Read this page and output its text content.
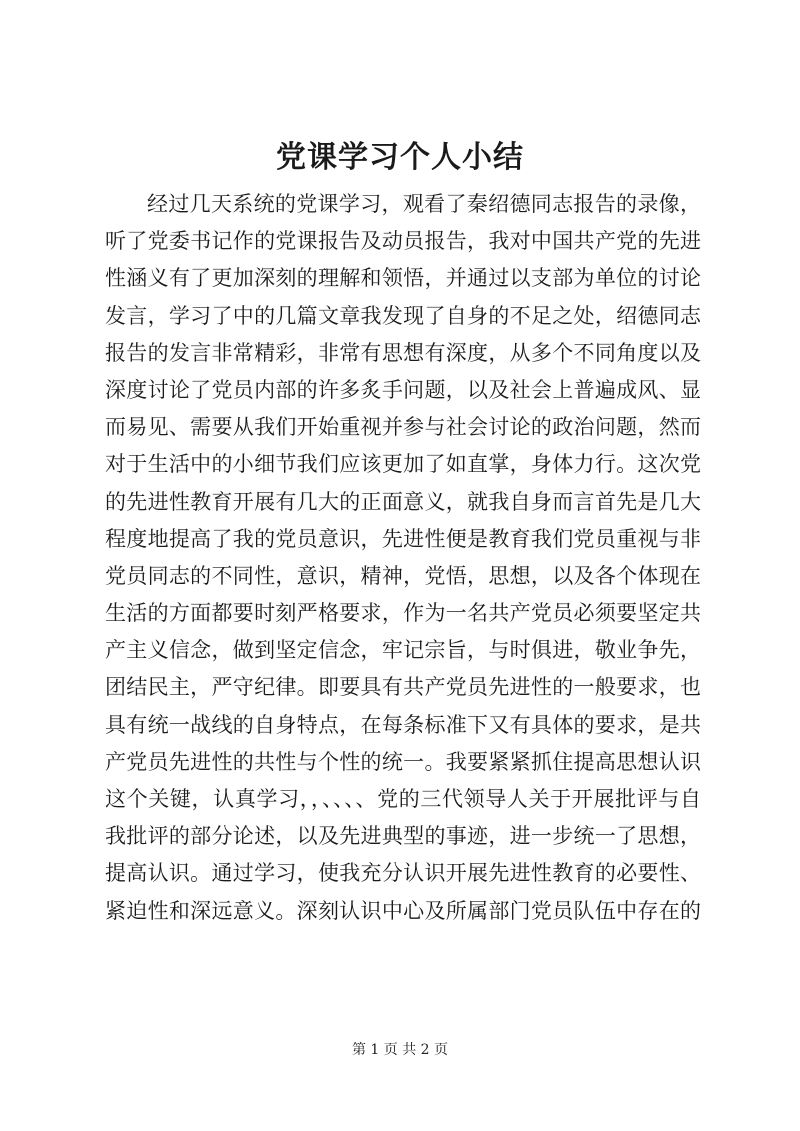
党课学习个人小结
经过几天系统的党课学习，观看了秦绍德同志报告的录像，
听了党委书记作的党课报告及动员报告，我对中国共产党的先进
性涵义有了更加深刻的理解和领悟，并通过以支部为单位的讨论
发言，学习了中的几篇文章我发现了自身的不足之处，绍德同志
报告的发言非常精彩，非常有思想有深度，从多个不同角度以及
深度讨论了党员内部的许多炙手问题，以及社会上普遍成风、显
而易见、需要从我们开始重视并参与社会讨论的政治问题，然而
对于生活中的小细节我们应该更加了如直掌，身体力行。这次党
的先进性教育开展有几大的正面意义，就我自身而言首先是几大
程度地提高了我的党员意识，先进性便是教育我们党员重视与非
党员同志的不同性，意识，精神，党悟，思想，以及各个体现在
生活的方面都要时刻严格要求，作为一名共产党员必须要坚定共
产主义信念，做到坚定信念，牢记宗旨，与时俱进，敬业争先，
团结民主，严守纪律。即要具有共产党员先进性的一般要求，也
具有统一战线的自身特点，在每条标准下又有具体的要求，是共
产党员先进性的共性与个性的统一。我要紧紧抓住提高思想认识
这个关键，认真学习，，、、、、党的三代领导人关于开展批评与自
我批评的部分论述，以及先进典型的事迹，进一步统一了思想，
提高认识。通过学习，使我充分认识开展先进性教育的必要性、
紧迫性和深远意义。深刻认识中心及所属部门党员队伍中存在的
第 1 页 共 2 页
